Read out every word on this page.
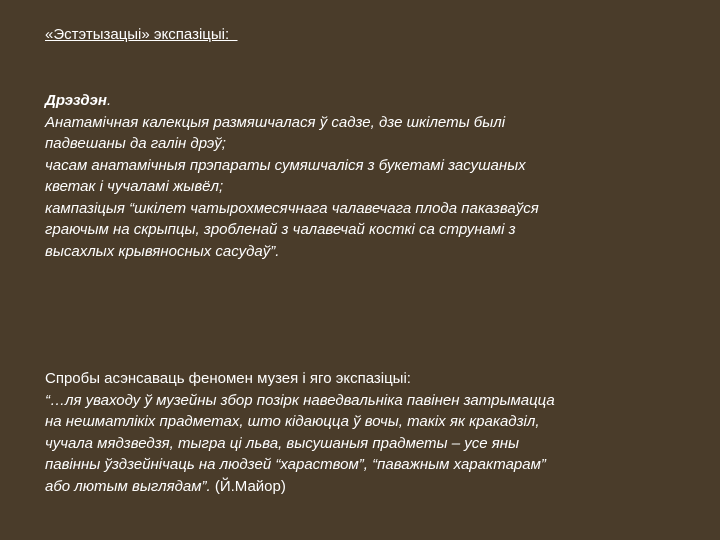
«Эстэтызацыі» экспазіцыі:
Дрэздэн.
Анатамічная калекцыя размяшчалася ў садзе, дзе шкілеты былі
падвешаны да галін дрэў;
часам анатамічныя прэпараты сумяшчаліся з букетамі засушаных
кветак і чучаламі жывёл;
кампазіцыя “шкілет чатырохмесячнага чалавечага плода паказваўся
граючым на скрыпцы, зробленай з чалавечай косткі са струнамі з
высахлых крывяносных сасудаў”.
Спробы асэнсаваць феномен музея і яго экспазіцыі:
“…ля уваходу ў музейны збор позірк наведвальніка павінен затрымацца
на нешматлікіх прадметах, што кідаюцца ў вочы, такіх як кракадзіл,
чучала мядзведзя, тыгра ці льва, высушаныя прадметы – усе яны
павінны ўздзейнічаць на людзей “хараством”, “паважным характарам”
або лютым выглядам”. (Й.Майор)
